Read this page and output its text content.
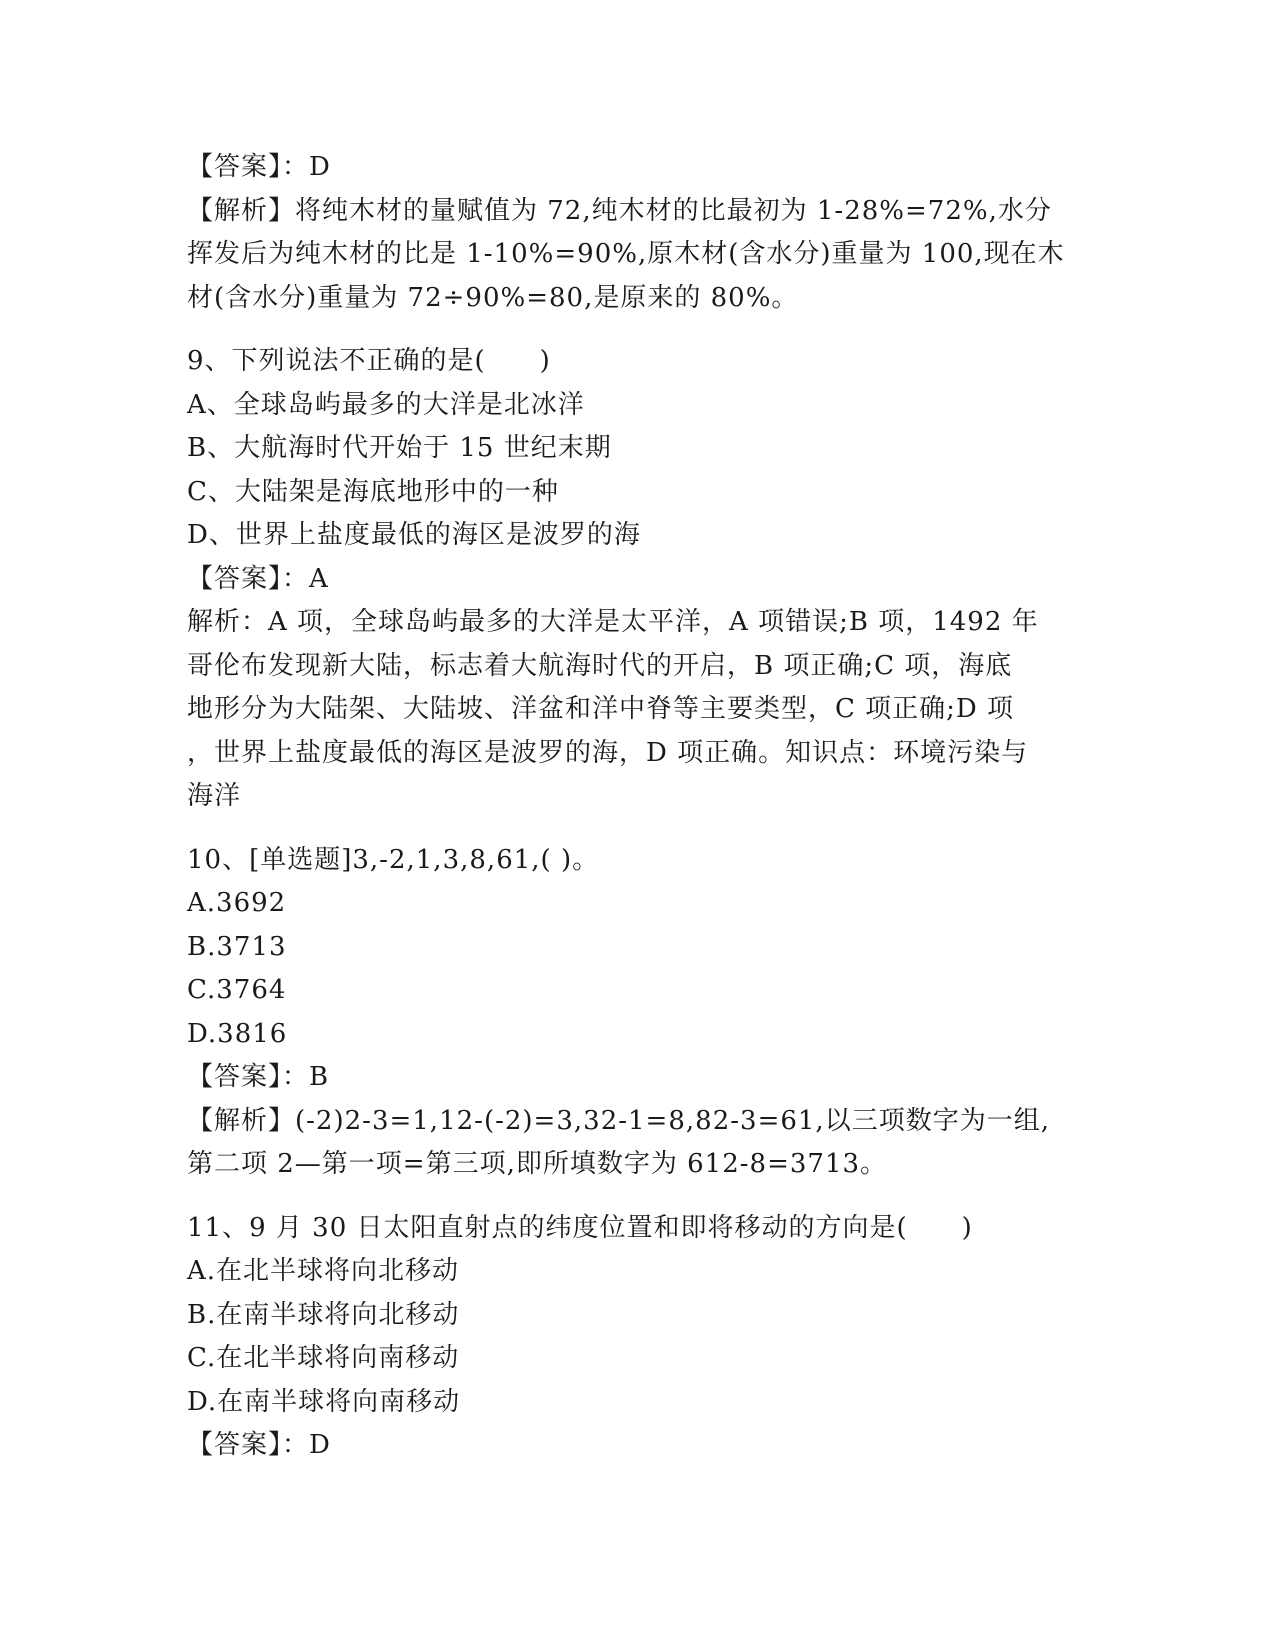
【答案】：D
【解析】将纯木材的量赋值为 72,纯木材的比最初为 1-28%=72%,水分
挥发后为纯木材的比是 1-10%=90%,原木材(含水分)重量为 100,现在木
材(含水分)重量为 72÷90%=80,是原来的 80%。
9、下列说法不正确的是(　　)
A、全球岛屿最多的大洋是北冰洋
B、大航海时代开始于 15 世纪末期
C、大陆架是海底地形中的一种
D、世界上盐度最低的海区是波罗的海
【答案】：A
解析：A 项，全球岛屿最多的大洋是太平洋，A 项错误;B 项，1492 年
哥伦布发现新大陆，标志着大航海时代的开启，B 项正确;C 项，海底
地形分为大陆架、大陆坡、洋盆和洋中脊等主要类型，C 项正确;D 项
，世界上盐度最低的海区是波罗的海，D 项正确。知识点：环境污染与
海洋
10、[单选题]3,-2,1,3,8,61,( )。
A.3692
B.3713
C.3764
D.3816
【答案】：B
【解析】(-2)2-3=1,12-(-2)=3,32-1=8,82-3=61,以三项数字为一组,
第二项 2—第一项=第三项,即所填数字为 612-8=3713。
11、9 月 30 日太阳直射点的纬度位置和即将移动的方向是(　　)
A.在北半球将向北移动
B.在南半球将向北移动
C.在北半球将向南移动
D.在南半球将向南移动
【答案】：D
